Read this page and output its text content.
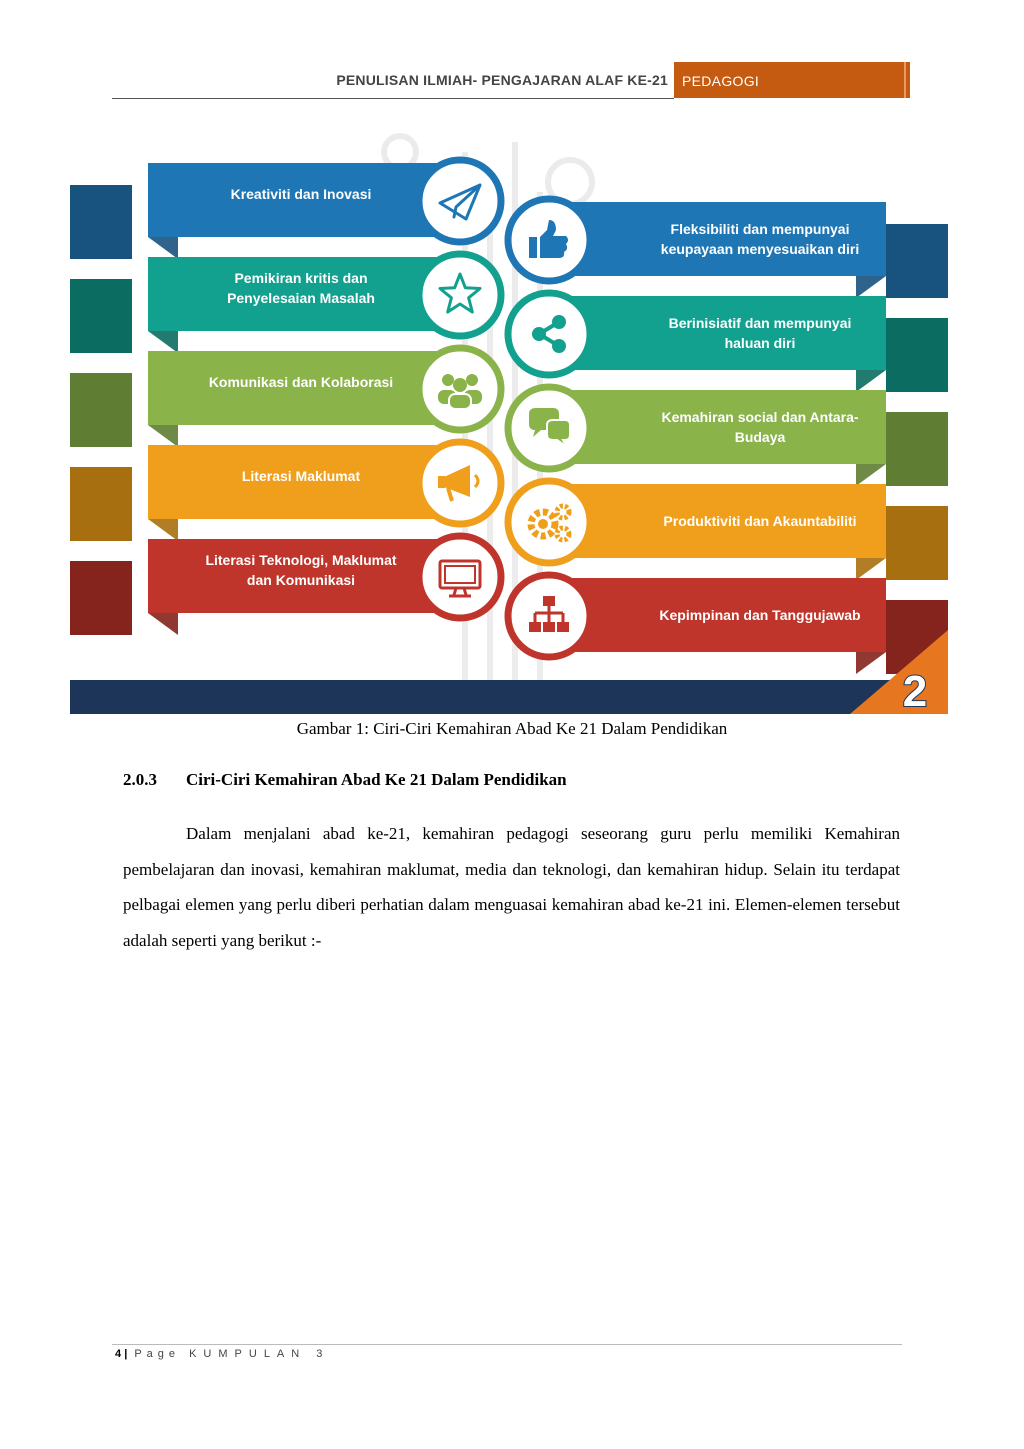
PENULISAN ILMIAH- PENGAJARAN ALAF KE-21 PEDAGOGI
Kreativiti dan Inovasi
Pemikiran kritis dan
Penyelesaian Masalah
Komunikasi dan Kolaborasi
Literasi Maklumat
Literasi Teknologi, Maklumat
dan Komunikasi
Fleksibiliti dan mempunyai
keupayaan menyesuaikan diri
Berinisiatif dan mempunyai
haluan diri
Kemahiran social dan Antara-
Budaya
Produktiviti dan Akauntabiliti
Kepimpinan dan Tanggujawab
2
Gambar 1: Ciri-Ciri Kemahiran Abad Ke 21 Dalam Pendidikan
2.0.3 Ciri-Ciri Kemahiran Abad Ke 21 Dalam Pendidikan
Dalam menjalani abad ke-21, kemahiran pedagogi seseorang guru perlu memiliki Kemahiran pembelajaran dan inovasi, kemahiran maklumat, media dan teknologi, dan kemahiran hidup. Selain itu terdapat pelbagai elemen yang perlu diberi perhatian dalam menguasai kemahiran abad ke-21 ini. Elemen-elemen tersebut adalah seperti yang berikut :-
4 | Page KUMPULAN 3
